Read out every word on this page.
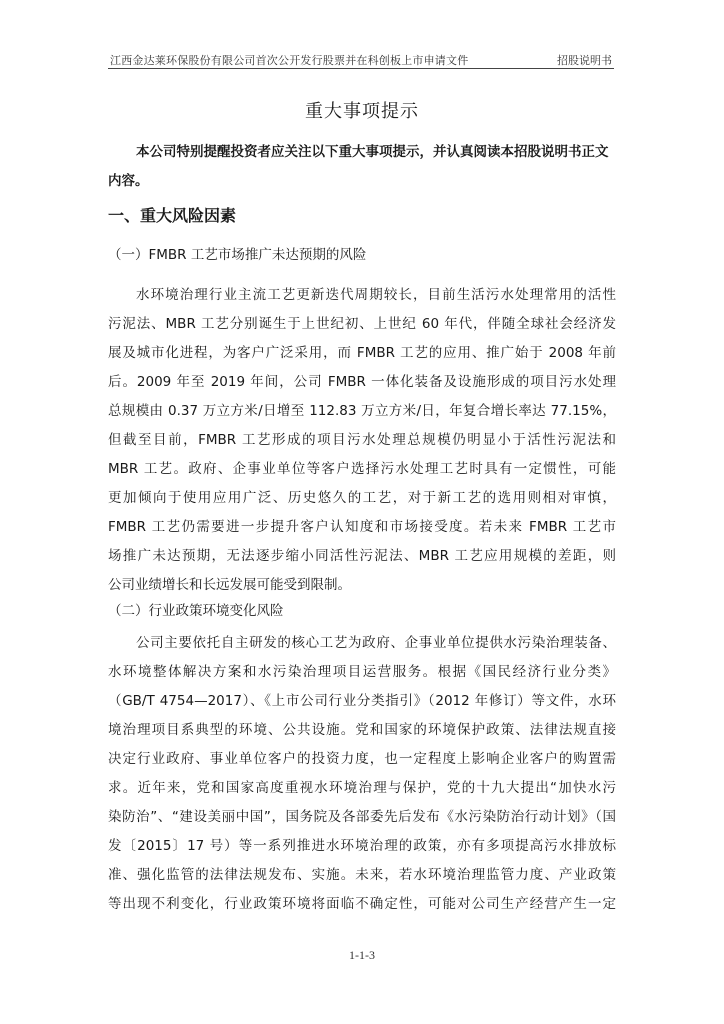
江西金达莱环保股份有限公司首次公开发行股票并在科创板上市申请文件	招股说明书
重大事项提示
本公司特别提醒投资者应关注以下重大事项提示，并认真阅读本招股说明书正文内容。
一、重大风险因素
（一）FMBR 工艺市场推广未达预期的风险
水环境治理行业主流工艺更新迭代周期较长，目前生活污水处理常用的活性
污泥法、MBR 工艺分别诞生于上世纪初、上世纪 60 年代，伴随全球社会经济发
展及城市化进程，为客户广泛采用，而 FMBR 工艺的应用、推广始于 2008 年前
后。2009 年至 2019 年间，公司 FMBR 一体化装备及设施形成的项目污水处理
总规模由 0.37 万立方米/日增至 112.83 万立方米/日，年复合增长率达 77.15%，
但截至目前，FMBR 工艺形成的项目污水处理总规模仍明显小于活性污泥法和
MBR 工艺。政府、企事业单位等客户选择污水处理工艺时具有一定惯性，可能
更加倾向于使用应用广泛、历史悠久的工艺，对于新工艺的选用则相对审慎，
FMBR 工艺仍需要进一步提升客户认知度和市场接受度。若未来 FMBR 工艺市
场推广未达预期，无法逐步缩小同活性污泥法、MBR 工艺应用规模的差距，则
公司业绩增长和长远发展可能受到限制。
（二）行业政策环境变化风险
公司主要依托自主研发的核心工艺为政府、企事业单位提供水污染治理装备、
水环境整体解决方案和水污染治理项目运营服务。根据《国民经济行业分类》
（GB/T 4754—2017）、《上市公司行业分类指引》（2012 年修订）等文件，水环
境治理项目系典型的环境、公共设施。党和国家的环境保护政策、法律法规直接
决定行业政府、事业单位客户的投资力度，也一定程度上影响企业客户的购置需
求。近年来，党和国家高度重视水环境治理与保护，党的十九大提出“加快水污
染防治”、“建设美丽中国”，国务院及各部委先后发布《水污染防治行动计划》（国
发〔2015〕17 号）等一系列推进水环境治理的政策，亦有多项提高污水排放标
准、强化监管的法律法规发布、实施。未来，若水环境治理监管力度、产业政策
等出现不利变化，行业政策环境将面临不确定性，可能对公司生产经营产生一定
1-1-3
